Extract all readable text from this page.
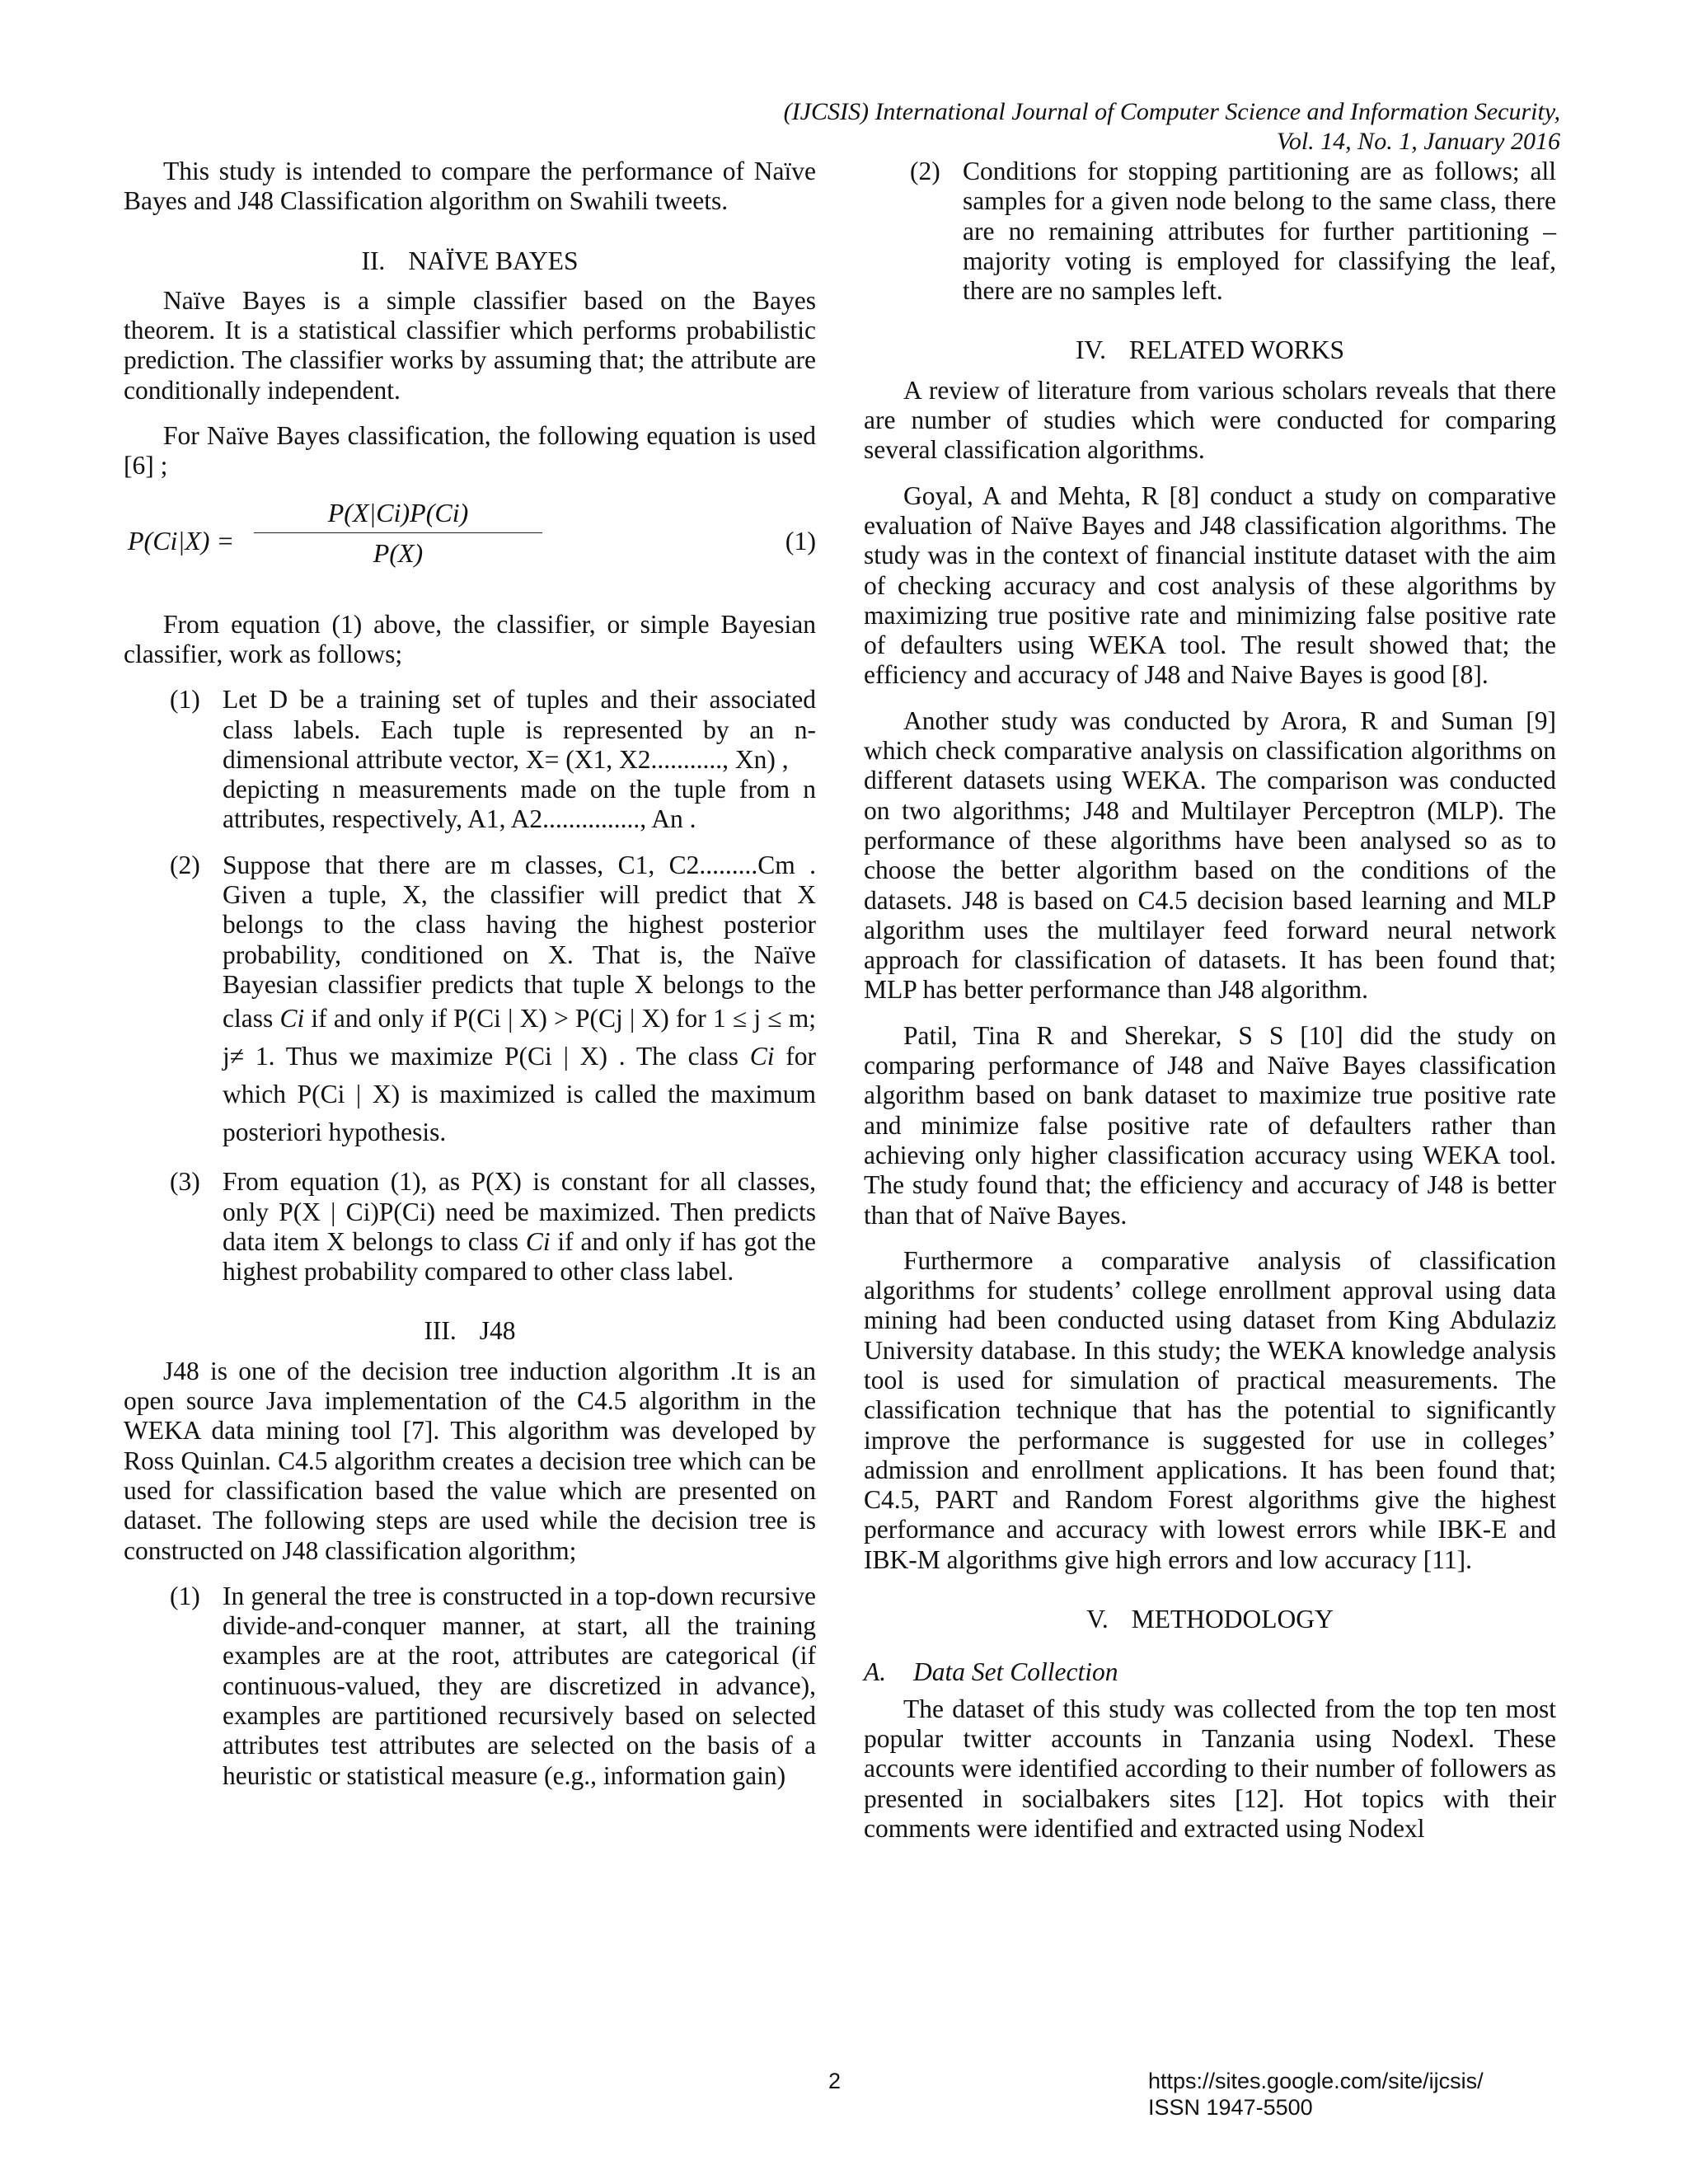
(IJCSIS) International Journal of Computer Science and Information Security,
Vol. 14, No. 1, January 2016

This study is intended to compare the performance of Naïve Bayes and J48 Classification algorithm on Swahili tweets.

II. NAÏVE BAYES

Naïve Bayes is a simple classifier based on the Bayes theorem. It is a statistical classifier which performs probabilistic prediction. The classifier works by assuming that; the attribute are conditionally independent.

For Naïve Bayes classification, the following equation is used [6] ;

$P(Ci|X) = \frac{P(X|Ci)P(Ci)}{P(X)}$	(1)

From equation (1) above, the classifier, or simple Bayesian classifier, work as follows;

(1) Let D be a training set of tuples and their associated class labels. Each tuple is represented by an n-dimensional attribute vector, X= (X1, X2..........., Xn) ,
depicting n measurements made on the tuple from n attributes, respectively, A1, A2..............., An .
(2) Suppose that there are m classes, C1, C2.........Cm . Given a tuple, X, the classifier will predict that X belongs to the class having the highest posterior probability, conditioned on X. That is, the Naïve Bayesian classifier predicts that tuple X belongs to the class Ci if and only if P(Ci | X) > P(Cj | X) for 1 ≤ j ≤ m; j≠ 1. Thus we maximize P(Ci | X) . The class Ci for which P(Ci | X) is maximized is called the maximum posteriori hypothesis.
(3) From equation (1), as P(X) is constant for all classes, only P(X | Ci)P(Ci) need be maximized. Then predicts data item X belongs to class Ci if and only if has got the highest probability compared to other class label.
III. J48

J48 is one of the decision tree induction algorithm .It is an open source Java implementation of the C4.5 algorithm in the WEKA data mining tool [7]. This algorithm was developed by Ross Quinlan. C4.5 algorithm creates a decision tree which can be used for classification based the value which are presented on dataset. The following steps are used while the decision tree is constructed on J48 classification algorithm;

(1) In general the tree is constructed in a top-down recursive divide-and-conquer manner, at start, all the training examples are at the root, attributes are categorical (if continuous-valued, they are discretized in advance), examples are partitioned recursively based on selected attributes test attributes are selected on the basis of a heuristic or statistical measure (e.g., information gain)
(2) Conditions for stopping partitioning are as follows; all samples for a given node belong to the same class, there are no remaining attributes for further partitioning – majority voting is employed for classifying the leaf, there are no samples left.
IV. RELATED WORKS

A review of literature from various scholars reveals that there are number of studies which were conducted for comparing several classification algorithms.

Goyal, A and Mehta, R [8] conduct a study on comparative evaluation of Naïve Bayes and J48 classification algorithms. The study was in the context of financial institute dataset with the aim of checking accuracy and cost analysis of these algorithms by maximizing true positive rate and minimizing false positive rate of defaulters using WEKA tool. The result showed that; the efficiency and accuracy of J48 and Naive Bayes is good [8].

Another study was conducted by Arora, R and Suman [9] which check comparative analysis on classification algorithms on different datasets using WEKA. The comparison was conducted on two algorithms; J48 and Multilayer Perceptron (MLP). The performance of these algorithms have been analysed so as to choose the better algorithm based on the conditions of the datasets. J48 is based on C4.5 decision based learning and MLP algorithm uses the multilayer feed forward neural network approach for classification of datasets. It has been found that; MLP has better performance than J48 algorithm.

Patil, Tina R and Sherekar, S S [10] did the study on comparing performance of J48 and Naïve Bayes classification algorithm based on bank dataset to maximize true positive rate and minimize false positive rate of defaulters rather than achieving only higher classification accuracy using WEKA tool. The study found that; the efficiency and accuracy of J48 is better than that of Naïve Bayes.

Furthermore a comparative analysis of classification algorithms for students’ college enrollment approval using data mining had been conducted using dataset from King Abdulaziz University database. In this study; the WEKA knowledge analysis tool is used for simulation of practical measurements. The classification technique that has the potential to significantly improve the performance is suggested for use in colleges’ admission and enrollment applications. It has been found that; C4.5, PART and Random Forest algorithms give the highest performance and accuracy with lowest errors while IBK-E and IBK-M algorithms give high errors and low accuracy [11].

V. METHODOLOGY
A. Data Set Collection

The dataset of this study was collected from the top ten most popular twitter accounts in Tanzania using Nodexl. These accounts were identified according to their number of followers as presented in socialbakers sites [12]. Hot topics with their comments were identified and extracted using Nodexl

2	https://sites.google.com/site/ijcsis/
ISSN 1947-5500
